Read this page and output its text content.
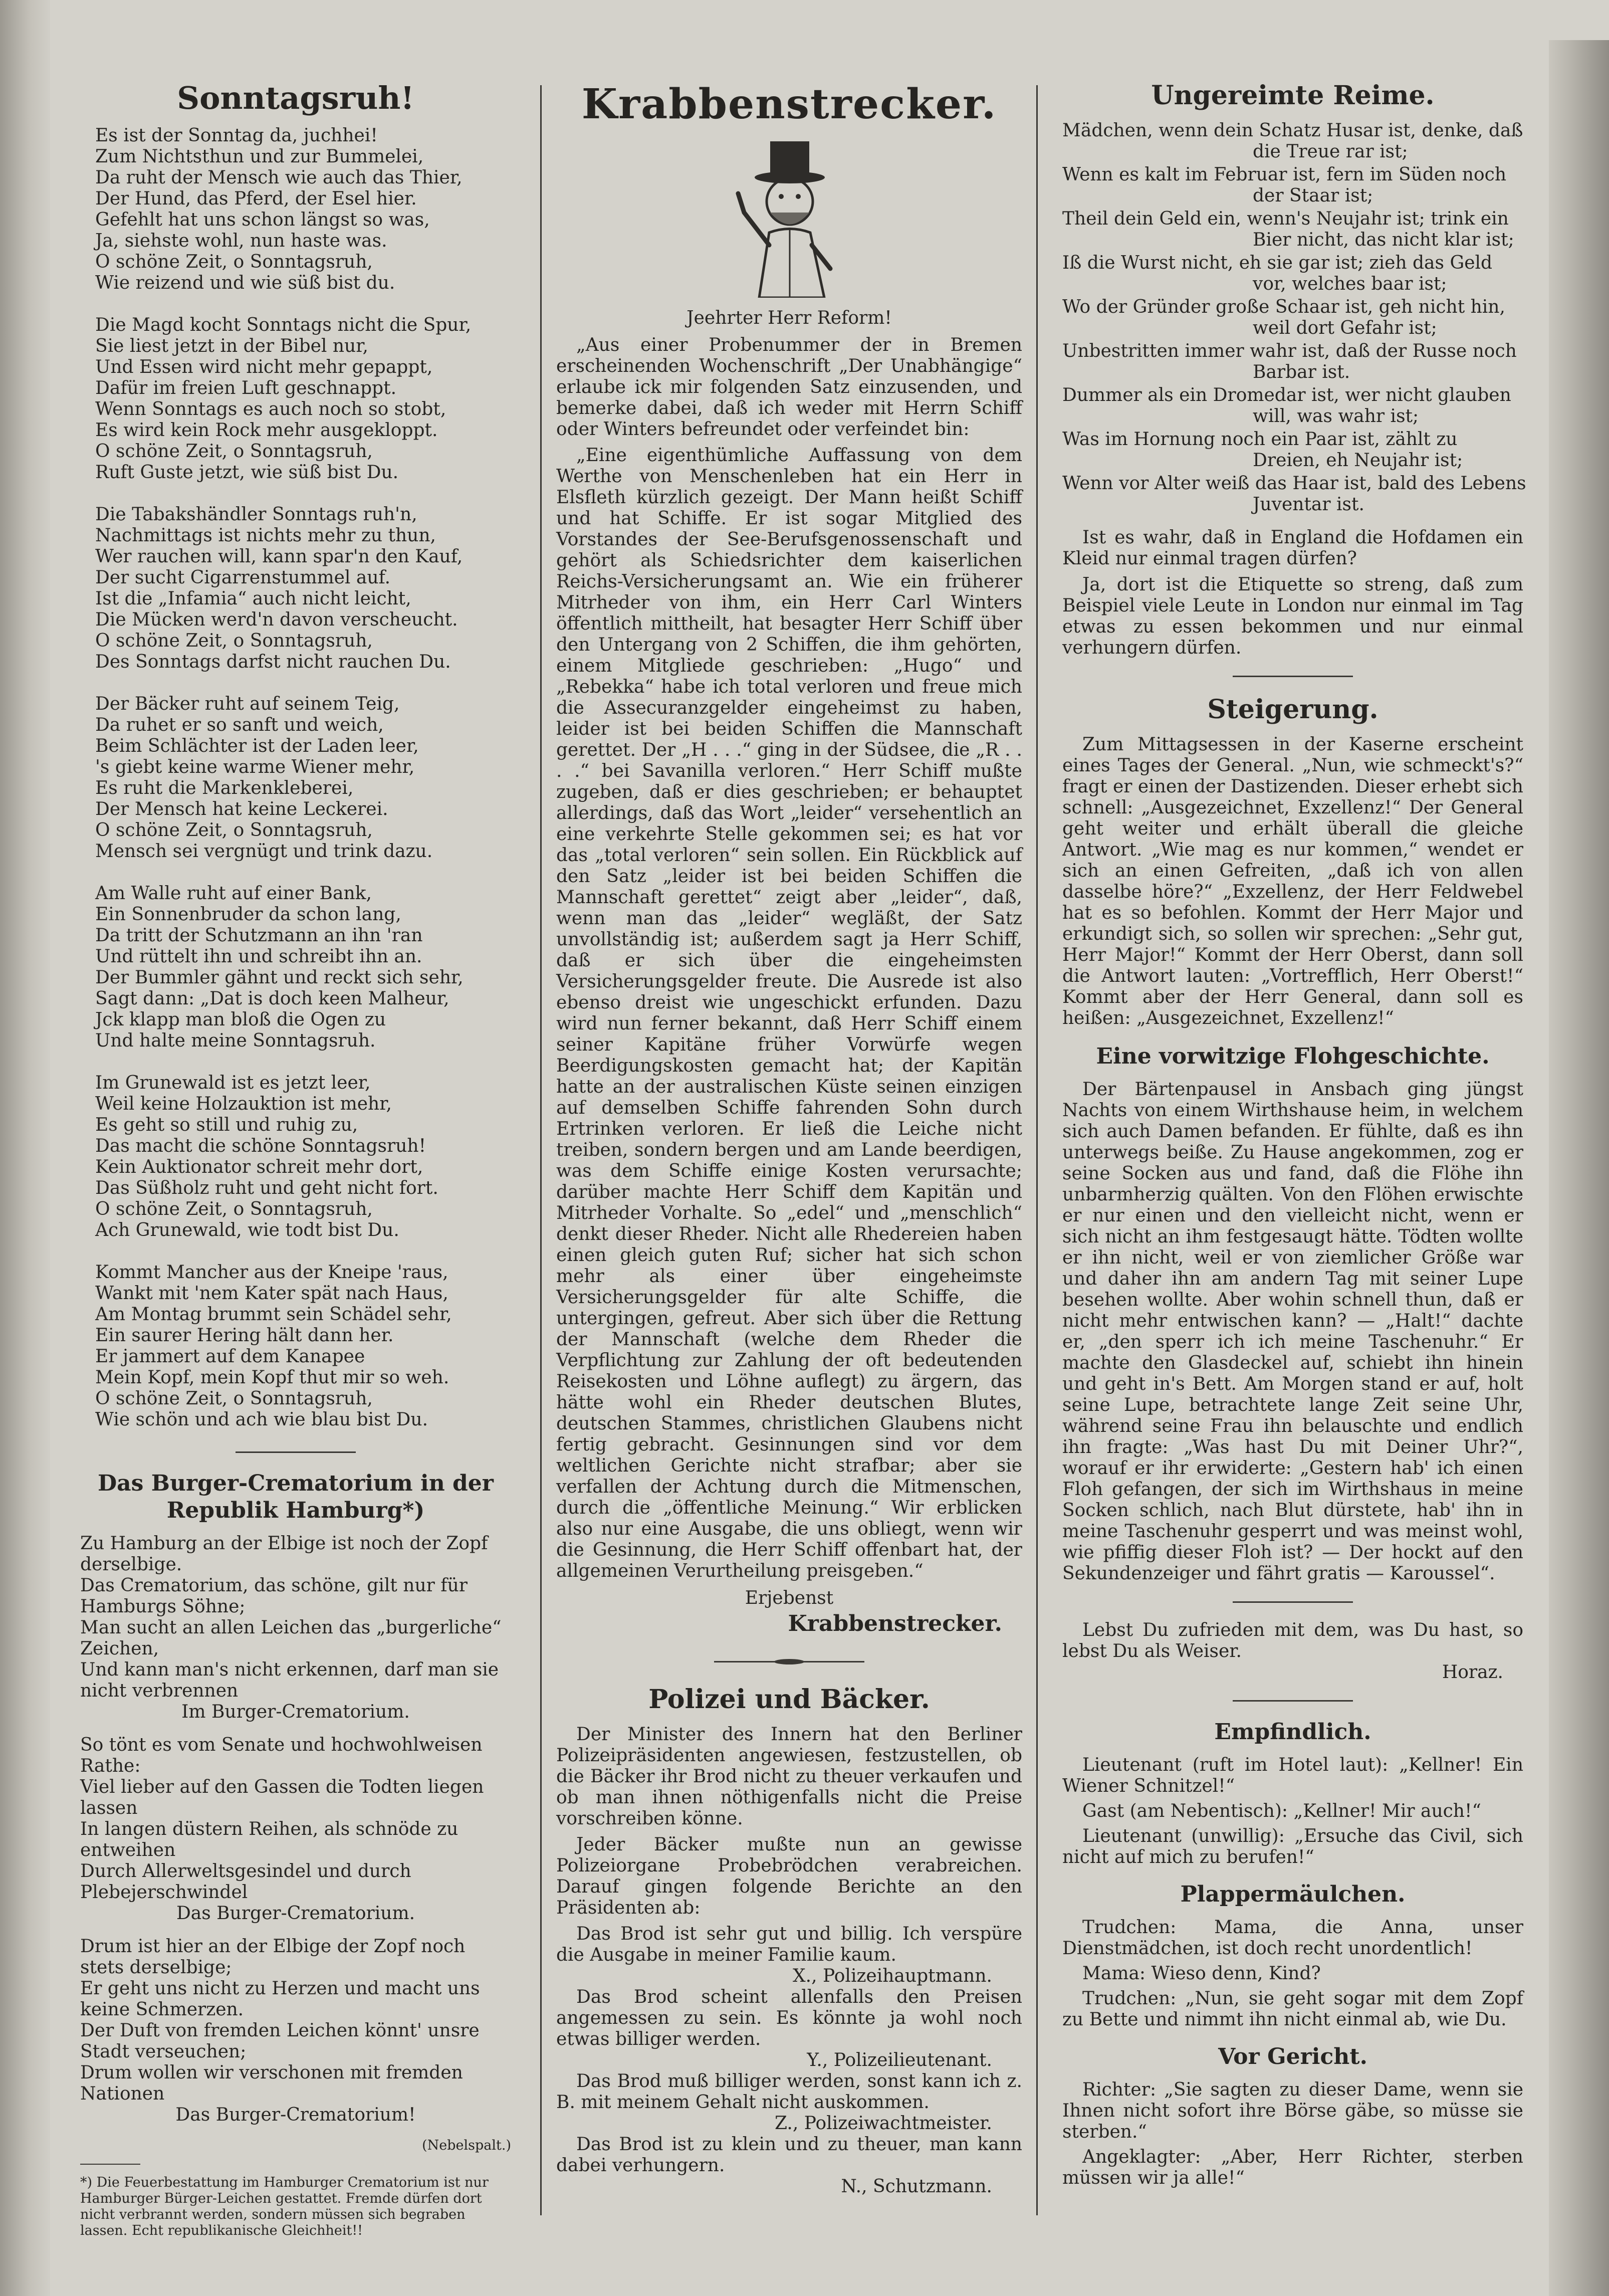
Sonntagsruh!
Es ist der Sonntag da, juchhei!
Zum Nichtsthun und zur Bummelei,
Da ruht der Mensch wie auch das Thier,
Der Hund, das Pferd, der Esel hier.
Gefehlt hat uns schon längst so was,
Ja, siehste wohl, nun haste was.
O schöne Zeit, o Sonntagsruh,
Wie reizend und wie süß bist du.
Die Magd kocht Sonntags nicht die Spur,
Sie liest jetzt in der Bibel nur,
Und Essen wird nicht mehr gepappt,
Dafür im freien Luft geschnappt.
Wenn Sonntags es auch noch so stobt,
Es wird kein Rock mehr ausgekloppt.
O schöne Zeit, o Sonntagsruh,
Ruft Guste jetzt, wie süß bist Du.
Die Tabakshändler Sonntags ruh'n,
Nachmittags ist nichts mehr zu thun,
Wer rauchen will, kann spar'n den Kauf,
Der sucht Cigarrenstummel auf.
Ist die „Infamia“ auch nicht leicht,
Die Mücken werd'n davon verscheucht.
O schöne Zeit, o Sonntagsruh,
Des Sonntags darfst nicht rauchen Du.
Der Bäcker ruht auf seinem Teig,
Da ruhet er so sanft und weich,
Beim Schlächter ist der Laden leer,
's giebt keine warme Wiener mehr,
Es ruht die Markenkleberei,
Der Mensch hat keine Leckerei.
O schöne Zeit, o Sonntagsruh,
Mensch sei vergnügt und trink dazu.
Am Walle ruht auf einer Bank,
Ein Sonnenbruder da schon lang,
Da tritt der Schutzmann an ihn 'ran
Und rüttelt ihn und schreibt ihn an.
Der Bummler gähnt und reckt sich sehr,
Sagt dann: „Dat is doch keen Malheur,
Jck klapp man bloß die Ogen zu
Und halte meine Sonntagsruh.
Im Grunewald ist es jetzt leer,
Weil keine Holzauktion ist mehr,
Es geht so still und ruhig zu,
Das macht die schöne Sonntagsruh!
Kein Auktionator schreit mehr dort,
Das Süßholz ruht und geht nicht fort.
O schöne Zeit, o Sonntagsruh,
Ach Grunewald, wie todt bist Du.
Kommt Mancher aus der Kneipe 'raus,
Wankt mit 'nem Kater spät nach Haus,
Am Montag brummt sein Schädel sehr,
Ein saurer Hering hält dann her.
Er jammert auf dem Kanapee
Mein Kopf, mein Kopf thut mir so weh.
O schöne Zeit, o Sonntagsruh,
Wie schön und ach wie blau bist Du.
Das Burger-Crematorium in der Republik Hamburg*)
Zu Hamburg an der Elbige ist noch der Zopf derselbige.
Das Crematorium, das schöne, gilt nur für Hamburgs Söhne;
Man sucht an allen Leichen das „burgerliche“ Zeichen,
Und kann man's nicht erkennen, darf man sie nicht verbrennen
Im Burger-Crematorium.
So tönt es vom Senate und hochwohlweisen Rathe:
Viel lieber auf den Gassen die Todten liegen lassen
In langen düstern Reihen, als schnöde zu entweihen
Durch Allerweltsgesindel und durch Plebejerschwindel
Das Burger-Crematorium.
Drum ist hier an der Elbige der Zopf noch stets derselbige;
Er geht uns nicht zu Herzen und macht uns keine Schmerzen.
Der Duft von fremden Leichen könnt' unsre Stadt verseuchen;
Drum wollen wir verschonen mit fremden Nationen
Das Burger-Crematorium!
(Nebelspalt.)
*) Die Feuerbestattung im Hamburger Crematorium ist nur Hamburger Bürger-Leichen gestattet. Fremde dürfen dort nicht verbrannt werden, sondern müssen sich begraben lassen. Echt republikanische Gleichheit!!
Krabbenstrecker.
Jeehrter Herr Reform!
„Aus einer Probenummer der in Bremen erscheinenden Wochenschrift „Der Unabhängige“ erlaube ick mir folgenden Satz einzusenden, und bemerke dabei, daß ich weder mit Herrn Schiff oder Winters befreundet oder verfeindet bin:
„Eine eigenthümliche Auffassung von dem Werthe von Menschenleben hat ein Herr in Elsfleth kürzlich gezeigt. Der Mann heißt Schiff und hat Schiffe. Er ist sogar Mitglied des Vorstandes der See-Berufsgenossenschaft und gehört als Schiedsrichter dem kaiserlichen Reichs-Versicherungsamt an. Wie ein früherer Mitrheder von ihm, ein Herr Carl Winters öffentlich mittheilt, hat besagter Herr Schiff über den Untergang von 2 Schiffen, die ihm gehörten, einem Mitgliede geschrieben: „Hugo“ und „Rebekka“ habe ich total verloren und freue mich die Assecuranzgelder eingeheimst zu haben, leider ist bei beiden Schiffen die Mannschaft gerettet. Der „H . . .“ ging in der Südsee, die „R . . . .“ bei Savanilla verloren.“ Herr Schiff mußte zugeben, daß er dies geschrieben; er behauptet allerdings, daß das Wort „leider“ versehentlich an eine verkehrte Stelle gekommen sei; es hat vor das „total verloren“ sein sollen. Ein Rückblick auf den Satz „leider ist bei beiden Schiffen die Mannschaft gerettet“ zeigt aber „leider“, daß, wenn man das „leider“ wegläßt, der Satz unvollständig ist; außerdem sagt ja Herr Schiff, daß er sich über die eingeheimsten Versicherungsgelder freute. Die Ausrede ist also ebenso dreist wie ungeschickt erfunden. Dazu wird nun ferner bekannt, daß Herr Schiff einem seiner Kapitäne früher Vorwürfe wegen Beerdigungskosten gemacht hat; der Kapitän hatte an der australischen Küste seinen einzigen auf demselben Schiffe fahrenden Sohn durch Ertrinken verloren. Er ließ die Leiche nicht treiben, sondern bergen und am Lande beerdigen, was dem Schiffe einige Kosten verursachte; darüber machte Herr Schiff dem Kapitän und Mitrheder Vorhalte. So „edel“ und „menschlich“ denkt dieser Rheder. Nicht alle Rhedereien haben einen gleich guten Ruf; sicher hat sich schon mehr als einer über eingeheimste Versicherungsgelder für alte Schiffe, die untergingen, gefreut. Aber sich über die Rettung der Mannschaft (welche dem Rheder die Verpflichtung zur Zahlung der oft bedeutenden Reisekosten und Löhne auflegt) zu ärgern, das hätte wohl ein Rheder deutschen Blutes, deutschen Stammes, christlichen Glaubens nicht fertig gebracht. Gesinnungen sind vor dem weltlichen Gerichte nicht strafbar; aber sie verfallen der Achtung durch die Mitmenschen, durch die „öffentliche Meinung.“ Wir erblicken also nur eine Ausgabe, die uns obliegt, wenn wir die Gesinnung, die Herr Schiff offenbart hat, der allgemeinen Verurtheilung preisgeben.“
Erjebenst
Krabbenstrecker.
Polizei und Bäcker.
Der Minister des Innern hat den Berliner Polizeipräsidenten angewiesen, festzustellen, ob die Bäcker ihr Brod nicht zu theuer verkaufen und ob man ihnen nöthigenfalls nicht die Preise vorschreiben könne.
Jeder Bäcker mußte nun an gewisse Polizeiorgane Probebrödchen verabreichen. Darauf gingen folgende Berichte an den Präsidenten ab:
Das Brod ist sehr gut und billig. Ich verspüre die Ausgabe in meiner Familie kaum.
X., Polizeihauptmann.
Das Brod scheint allenfalls den Preisen angemessen zu sein. Es könnte ja wohl noch etwas billiger werden.
Y., Polizeilieutenant.
Das Brod muß billiger werden, sonst kann ich z. B. mit meinem Gehalt nicht auskommen.
Z., Polizeiwachtmeister.
Das Brod ist zu klein und zu theuer, man kann dabei verhungern.
N., Schutzmann.
Ungereimte Reime.
Mädchen, wenn dein Schatz Husar ist, denke, daß
die Treue rar ist;
Wenn es kalt im Februar ist, fern im Süden noch
der Staar ist;
Theil dein Geld ein, wenn's Neujahr ist; trink ein
Bier nicht, das nicht klar ist;
Iß die Wurst nicht, eh sie gar ist; zieh das Geld
vor, welches baar ist;
Wo der Gründer große Schaar ist, geh nicht hin,
weil dort Gefahr ist;
Unbestritten immer wahr ist, daß der Russe noch
Barbar ist.
Dummer als ein Dromedar ist, wer nicht glauben
will, was wahr ist;
Was im Hornung noch ein Paar ist, zählt zu
Dreien, eh Neujahr ist;
Wenn vor Alter weiß das Haar ist, bald des Lebens
Juventar ist.
Ist es wahr, daß in England die Hofdamen ein Kleid nur einmal tragen dürfen?
Ja, dort ist die Etiquette so streng, daß zum Beispiel viele Leute in London nur einmal im Tag etwas zu essen bekommen und nur einmal verhungern dürfen.
Steigerung.
Zum Mittagsessen in der Kaserne erscheint eines Tages der General. „Nun, wie schmeckt's?“ fragt er einen der Dastizenden. Dieser erhebt sich schnell: „Ausgezeichnet, Exzellenz!“ Der General geht weiter und erhält überall die gleiche Antwort. „Wie mag es nur kommen,“ wendet er sich an einen Gefreiten, „daß ich von allen dasselbe höre?“ „Exzellenz, der Herr Feldwebel hat es so befohlen. Kommt der Herr Major und erkundigt sich, so sollen wir sprechen: „Sehr gut, Herr Major!“ Kommt der Herr Oberst, dann soll die Antwort lauten: „Vortrefflich, Herr Oberst!“ Kommt aber der Herr General, dann soll es heißen: „Ausgezeichnet, Exzellenz!“
Eine vorwitzige Flohgeschichte.
Der Bärtenpausel in Ansbach ging jüngst Nachts von einem Wirthshause heim, in welchem sich auch Damen befanden. Er fühlte, daß es ihn unterwegs beiße. Zu Hause angekommen, zog er seine Socken aus und fand, daß die Flöhe ihn unbarmherzig quälten. Von den Flöhen erwischte er nur einen und den vielleicht nicht, wenn er sich nicht an ihm festgesaugt hätte. Tödten wollte er ihn nicht, weil er von ziemlicher Größe war und daher ihn am andern Tag mit seiner Lupe besehen wollte. Aber wohin schnell thun, daß er nicht mehr entwischen kann? — „Halt!“ dachte er, „den sperr ich ich meine Taschenuhr.“ Er machte den Glasdeckel auf, schiebt ihn hinein und geht in's Bett. Am Morgen stand er auf, holt seine Lupe, betrachtete lange Zeit seine Uhr, während seine Frau ihn belauschte und endlich ihn fragte: „Was hast Du mit Deiner Uhr?“, worauf er ihr erwiderte: „Gestern hab' ich einen Floh gefangen, der sich im Wirthshaus in meine Socken schlich, nach Blut dürstete, hab' ihn in meine Taschenuhr gesperrt und was meinst wohl, wie pfiffig dieser Floh ist? — Der hockt auf den Sekundenzeiger und fährt gratis — Karoussel“.
Lebst Du zufrieden mit dem, was Du hast, so lebst Du als Weiser.
Horaz.
Empfindlich.
Lieutenant (ruft im Hotel laut): „Kellner! Ein Wiener Schnitzel!“
Gast (am Nebentisch): „Kellner! Mir auch!“
Lieutenant (unwillig): „Ersuche das Civil, sich nicht auf mich zu berufen!“
Plappermäulchen.
Trudchen: Mama, die Anna, unser Dienstmädchen, ist doch recht unordentlich!
Mama: Wieso denn, Kind?
Trudchen: „Nun, sie geht sogar mit dem Zopf zu Bette und nimmt ihn nicht einmal ab, wie Du.
Vor Gericht.
Richter: „Sie sagten zu dieser Dame, wenn sie Ihnen nicht sofort ihre Börse gäbe, so müsse sie sterben.“
Angeklagter: „Aber, Herr Richter, sterben müssen wir ja alle!“
